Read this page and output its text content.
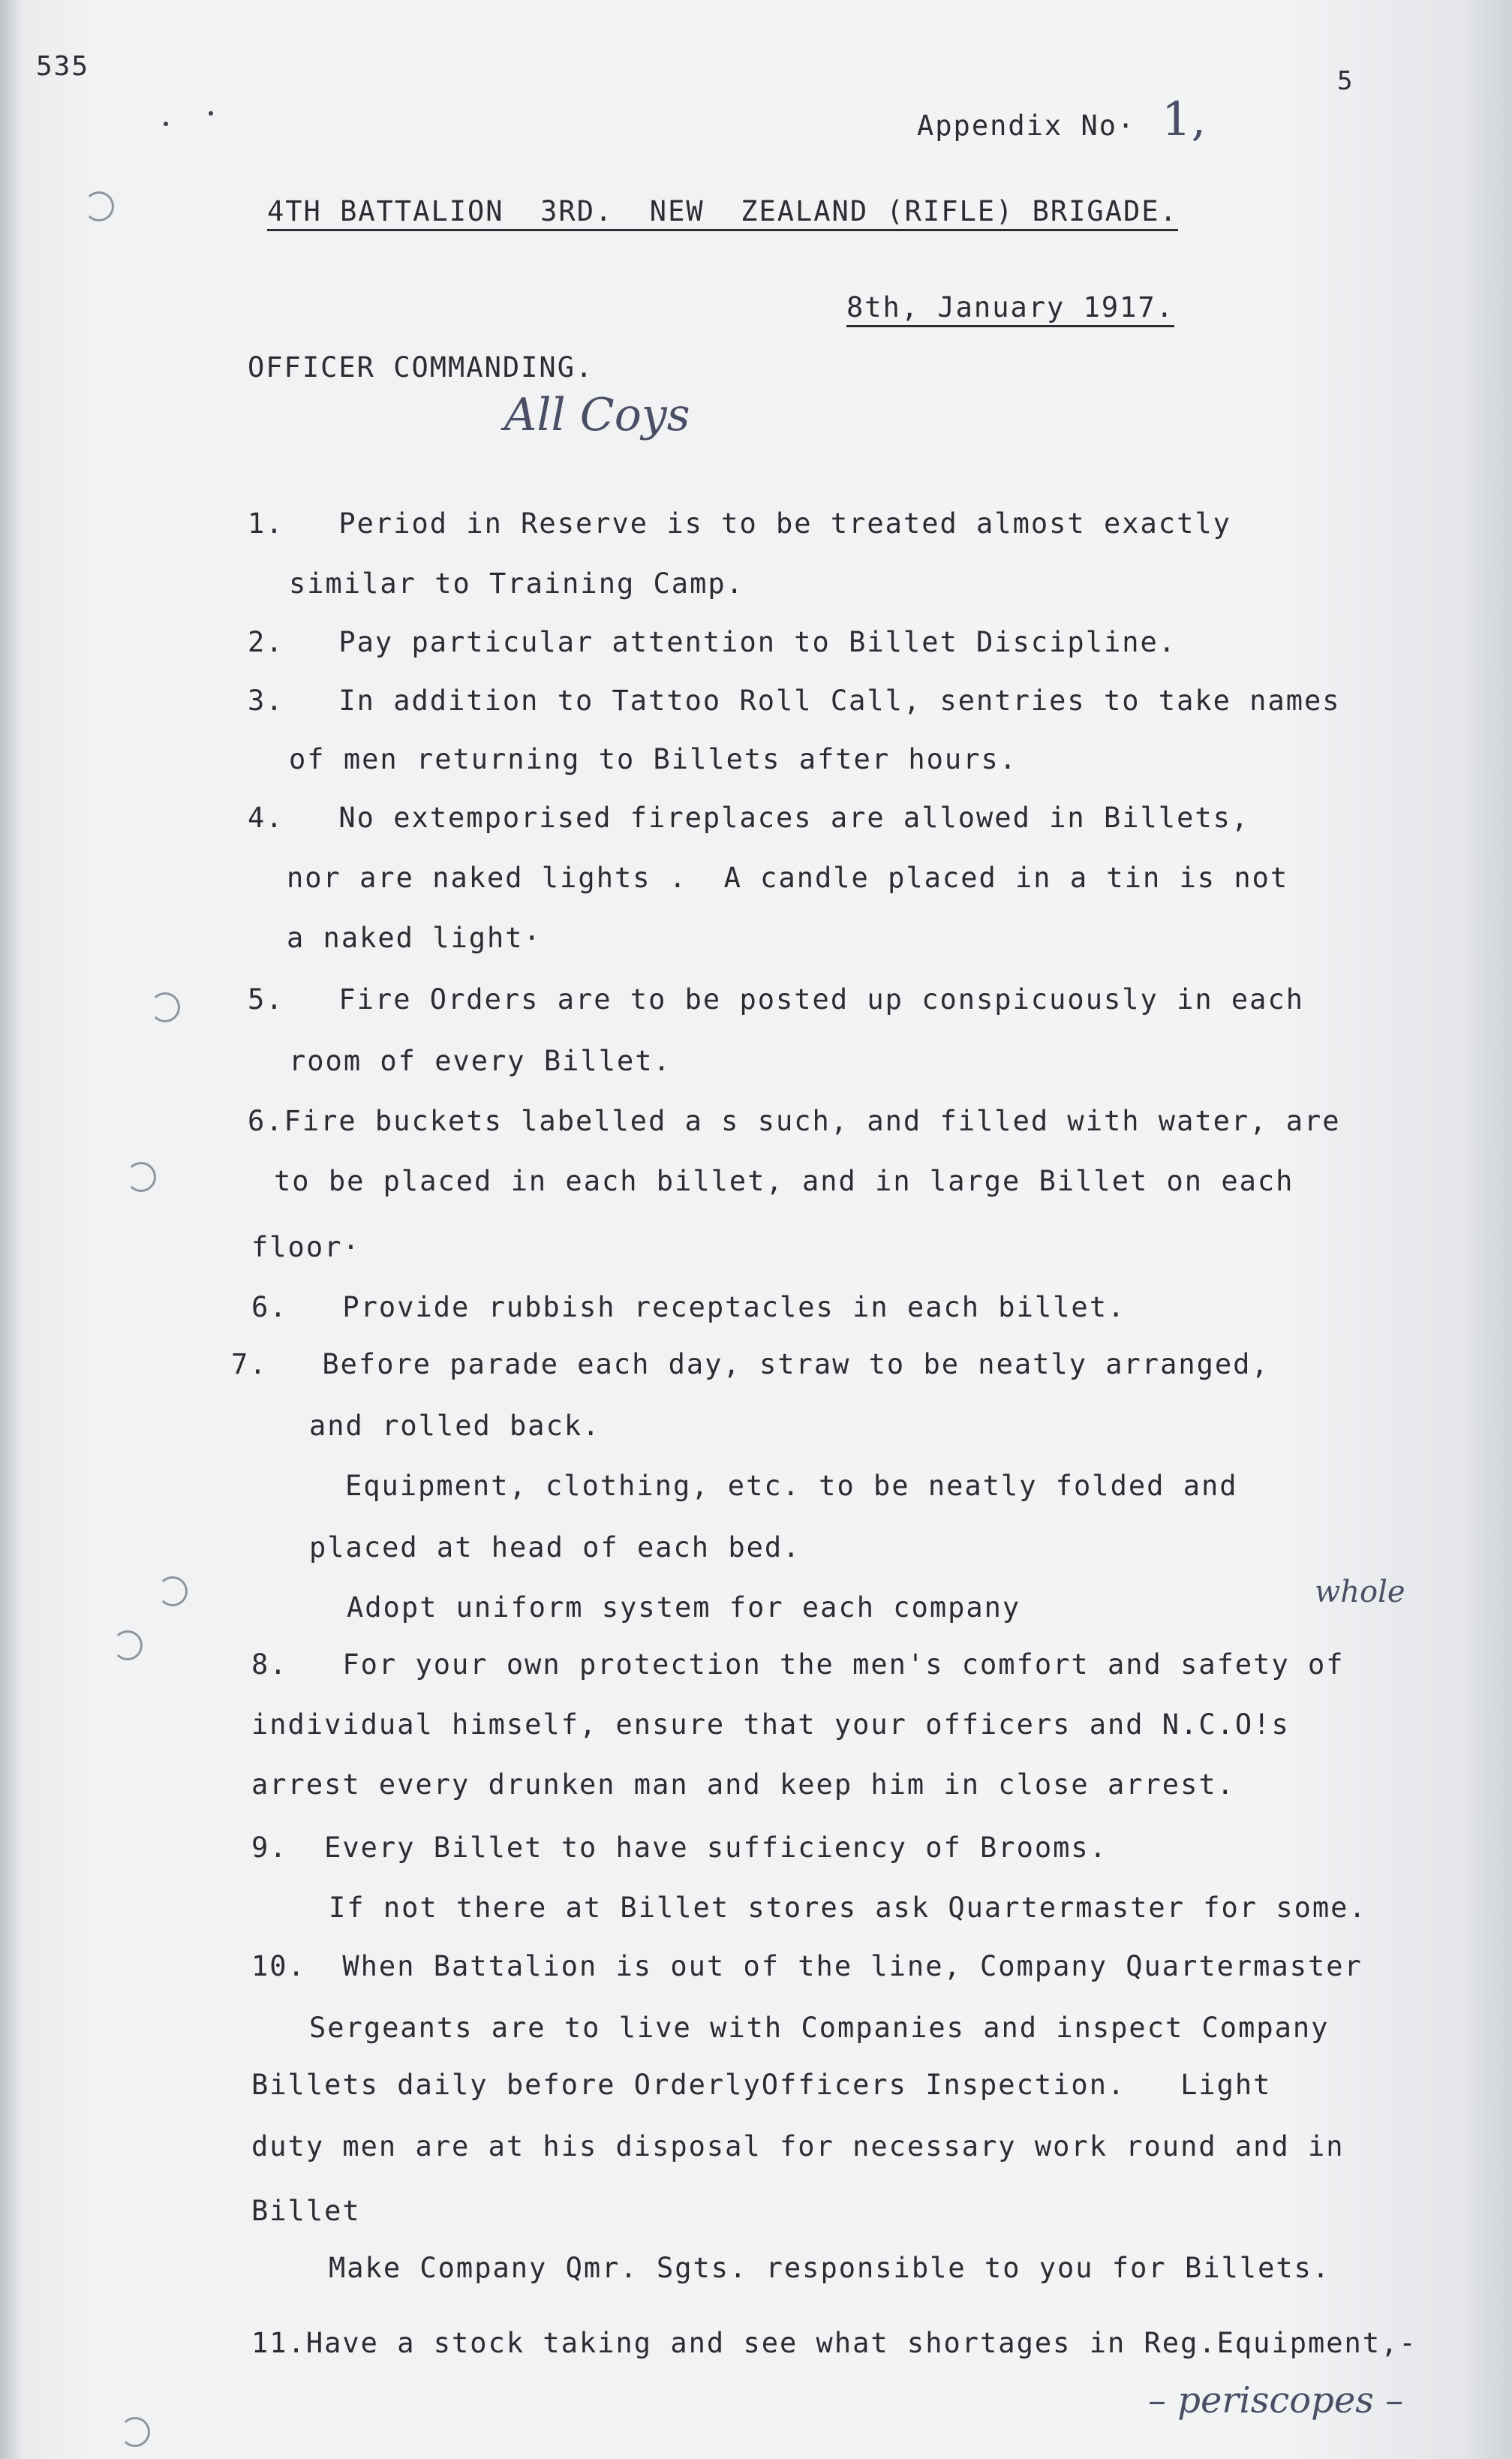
535	5
Appendix No· 1,
4TH BATTALION  3RD.  NEW  ZEALAND (RIFLE) BRIGADE.
8th, January 1917.
OFFICER COMMANDING.
All Coys
1.   Period in Reserve is to be treated almost exactly
similar to Training Camp.
2.   Pay particular attention to Billet Discipline.
3.   In addition to Tattoo Roll Call, sentries to take names
of men returning to Billets after hours.
4.   No extemporised fireplaces are allowed in Billets,
nor are naked lights .  A candle placed in a tin is not
a naked light·
5.   Fire Orders are to be posted up conspicuously in each
room of every Billet.
6.Fire buckets labelled a s such, and filled with water, are
to be placed in each billet, and in large Billet on each
floor·
6.   Provide rubbish receptacles in each billet.
7.   Before parade each day, straw to be neatly arranged,
and rolled back.
Equipment, clothing, etc. to be neatly folded and
placed at head of each bed.
Adopt uniform system for each company	whole
8.   For your own protection the men's comfort and safety of
individual himself, ensure that your officers and N.C.O!s
arrest every drunken man and keep him in close arrest.
9.  Every Billet to have sufficiency of Brooms.
If not there at Billet stores ask Quartermaster for some.
10.  When Battalion is out of the line, Company Quartermaster
Sergeants are to live with Companies and inspect Company
Billets daily before OrderlyOfficers Inspection.   Light
duty men are at his disposal for necessary work round and in
Billet
Make Company Qmr. Sgts. responsible to you for Billets.
11.Have a stock taking and see what shortages in Reg.Equipment,-
– periscopes –
